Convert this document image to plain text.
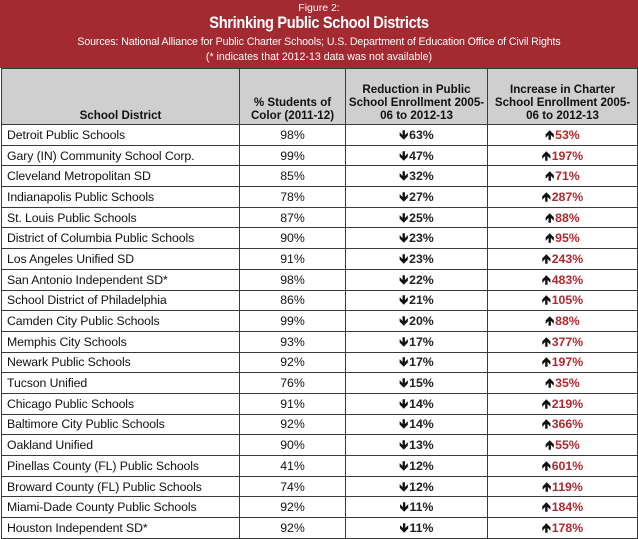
Figure 2:
Shrinking Public School Districts
Sources: National Alliance for Public Charter Schools; U.S. Department of Education Office of Civil Rights
(* indicates that 2012-13 data was not available)
School District	% Students of Color (2011-12)	Reduction in Public School Enrollment 2005-06 to 2012-13	Increase in Charter School Enrollment 2005-06 to 2012-13
Detroit Public Schools	98%	🡻63%	🡹53%
Gary (IN) Community School Corp.	99%	🡻47%	🡹197%
Cleveland Metropolitan SD	85%	🡻32%	🡹71%
Indianapolis Public Schools	78%	🡻27%	🡹287%
St. Louis Public Schools	87%	🡻25%	🡹88%
District of Columbia Public Schools	90%	🡻23%	🡹95%
Los Angeles Unified SD	91%	🡻23%	🡹243%
San Antonio Independent SD*	98%	🡻22%	🡹483%
School District of Philadelphia	86%	🡻21%	🡹105%
Camden City Public Schools	99%	🡻20%	🡹88%
Memphis City Schools	93%	🡻17%	🡹377%
Newark Public Schools	92%	🡻17%	🡹197%
Tucson Unified	76%	🡻15%	🡹35%
Chicago Public Schools	91%	🡻14%	🡹219%
Baltimore City Public Schools	92%	🡻14%	🡹366%
Oakland Unified	90%	🡻13%	🡹55%
Pinellas County (FL) Public Schools	41%	🡻12%	🡹601%
Broward County (FL) Public Schools	74%	🡻12%	🡹119%
Miami-Dade County Public Schools	92%	🡻11%	🡹184%
Houston Independent SD*	92%	🡻11%	🡹178%
